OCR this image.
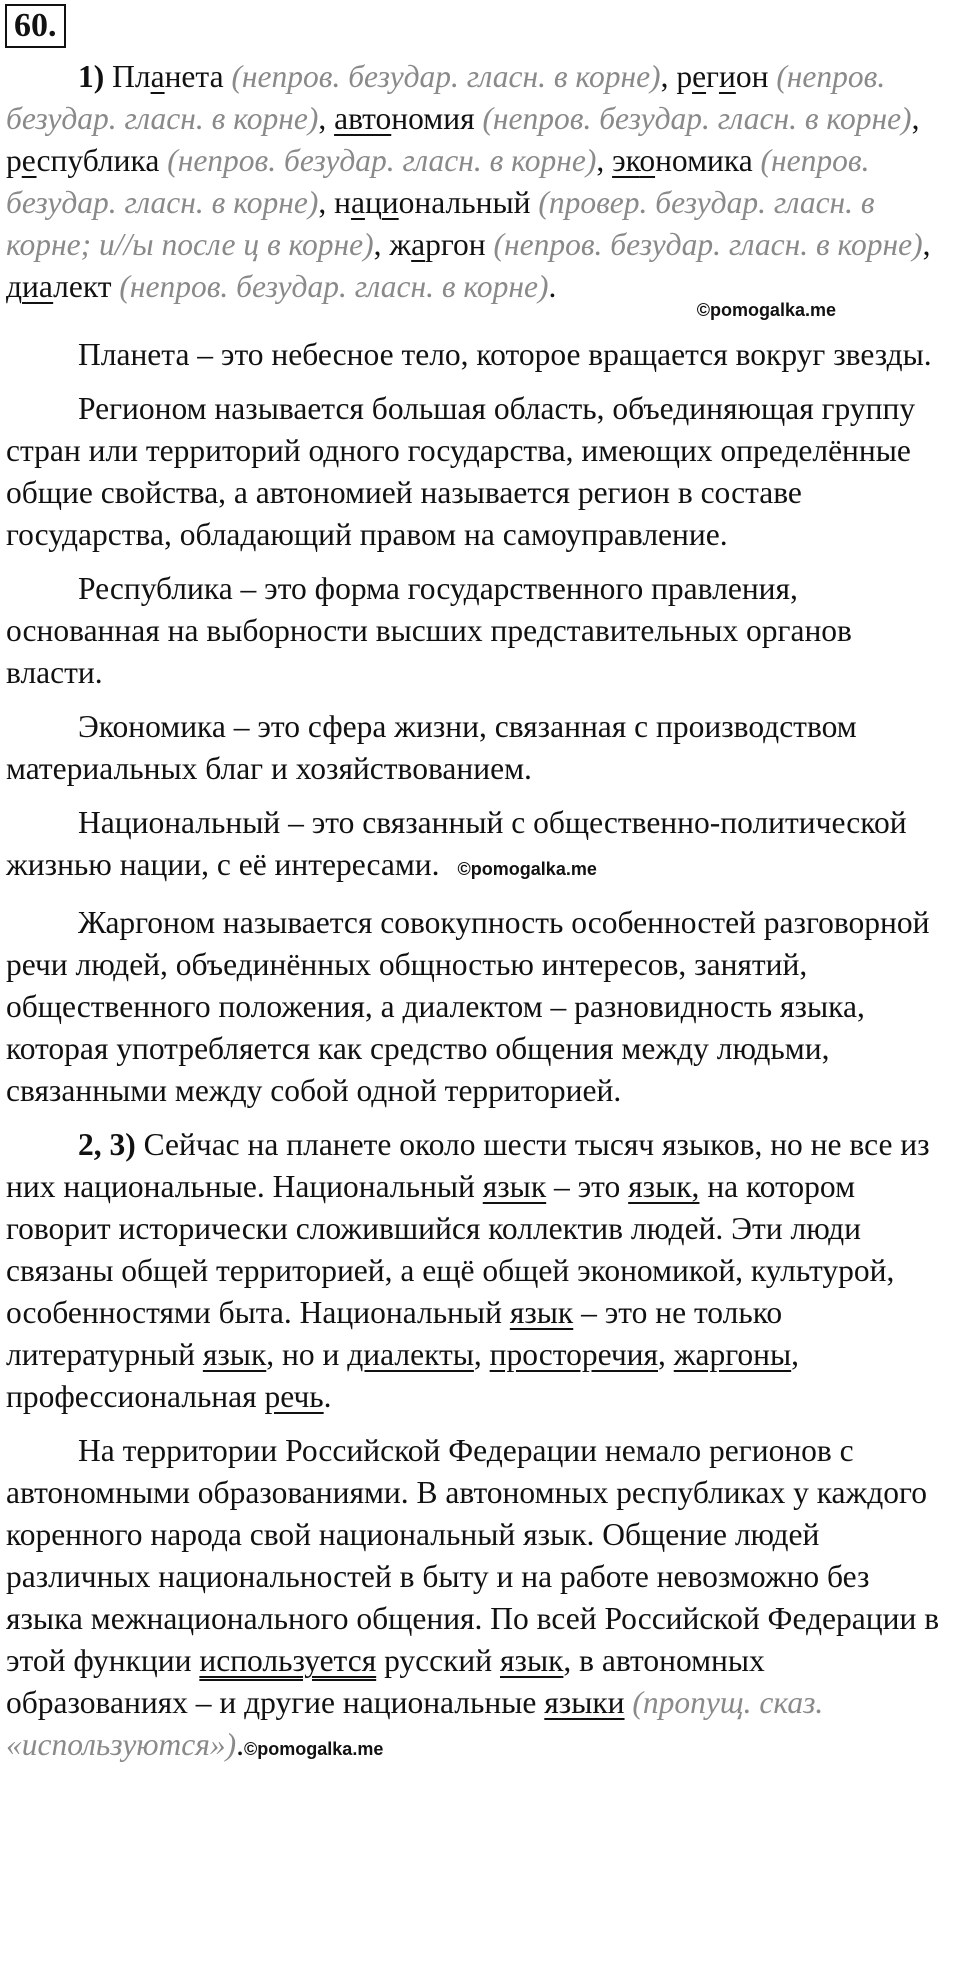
60.
1) Планета (непров. безудар. гласн. в корне), регион (непров. безудар. гласн. в корне), автономия (непров. безудар. гласн. в корне), республика (непров. безудар. гласн. в корне), экономика (непров. безудар. гласн. в корне), национальный (провер. безудар. гласн. в корне; и//ы после ц в корне), жаргон (непров. безудар. гласн. в корне), диалект (непров. безудар. гласн. в корне).
©pomogalka.me
Планета – это небесное тело, которое вращается вокруг звезды.
Регионом называется большая область, объединяющая группу стран или территорий одного государства, имеющих определённые общие свойства, а автономией называется регион в составе государства, обладающий правом на самоуправление.
Республика – это форма государственного правления, основанная на выборности высших представительных органов власти.
Экономика – это сфера жизни, связанная с производством материальных благ и хозяйствованием.
Национальный – это связанный с общественно-политической жизнью нации, с её интересами. ©pomogalka.me
Жаргоном называется совокупность особенностей разговорной речи людей, объединённых общностью интересов, занятий, общественного положения, а диалектом – разновидность языка, которая употребляется как средство общения между людьми, связанными между собой одной территорией.
2, 3) Сейчас на планете около шести тысяч языков, но не все из них национальные. Национальный язык – это язык, на котором говорит исторически сложившийся коллектив людей. Эти люди связаны общей территорией, а ещё общей экономикой, культурой, особенностями быта. Национальный язык – это не только литературный язык, но и диалекты, просторечия, жаргоны, профессиональная речь.
На территории Российской Федерации немало регионов с автономными образованиями. В автономных республиках у каждого коренного народа свой национальный язык. Общение людей различных национальностей в быту и на работе невозможно без языка межнационального общения. По всей Российской Федерации в этой функции используется русский язык, в автономных образованиях – и другие национальные языки (пропущ. сказ. «используются»).©pomogalka.me
